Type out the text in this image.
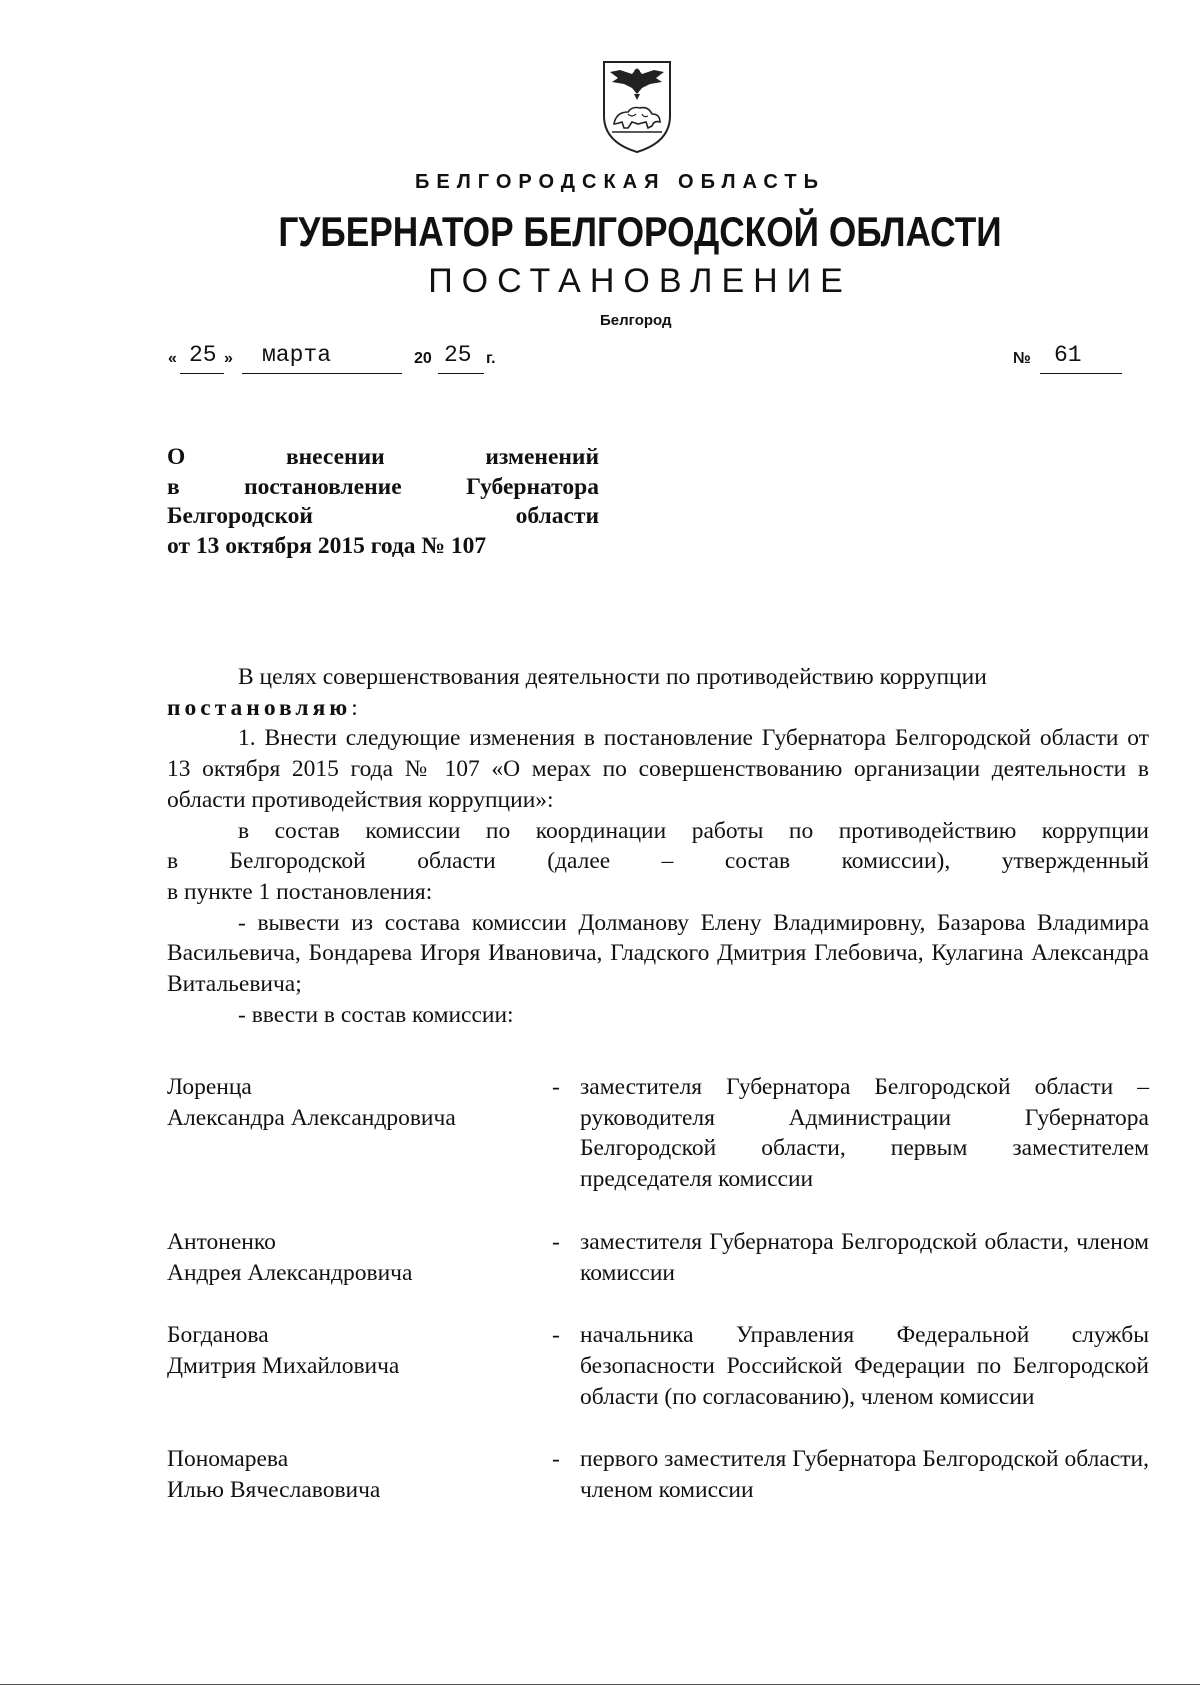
БЕЛГОРОДСКАЯ ОБЛАСТЬ
ГУБЕРНАТОР БЕЛГОРОДСКОЙ ОБЛАСТИ
ПОСТАНОВЛЕНИЕ
Белгород
« 25 » марта	20 25 г.	№ 61
О	внесении	изменений
в	постановление	Губернатора
Белгородской	области
от 13 октября 2015 года № 107

В целях совершенствования деятельности по противодействию коррупции

постановляю:

1. Внести следующие изменения в постановление Губернатора Белгородской области от 13 октября 2015 года № 107 «О мерах по совершенствованию организации деятельности в области противодействия коррупции»:

в состав комиссии по координации работы по противодействию коррупции

в Белгородской области (далее – состав комиссии), утвержденный

в пункте 1 постановления:

- вывести из состава комиссии Долманову Елену Владимировну, Базарова Владимира Васильевича, Бондарева Игоря Ивановича, Гладского Дмитрия Глебовича, Кулагина Александра Витальевича;

- ввести в состав комиссии:

Лоренца
Александра Александровича
- заместителя Губернатора Белгородской области – руководителя Администрации Губернатора Белгородской области, первым заместителем председателя комиссии
Антоненко
Андрея Александровича
- заместителя Губернатора Белгородской области, членом комиссии
Богданова
Дмитрия Михайловича
- начальника Управления Федеральной службы безопасности Российской Федерации по Белгородской области (по согласованию), членом комиссии
Пономарева
Илью Вячеславовича
- первого заместителя Губернатора Белгородской области, членом комиссии
